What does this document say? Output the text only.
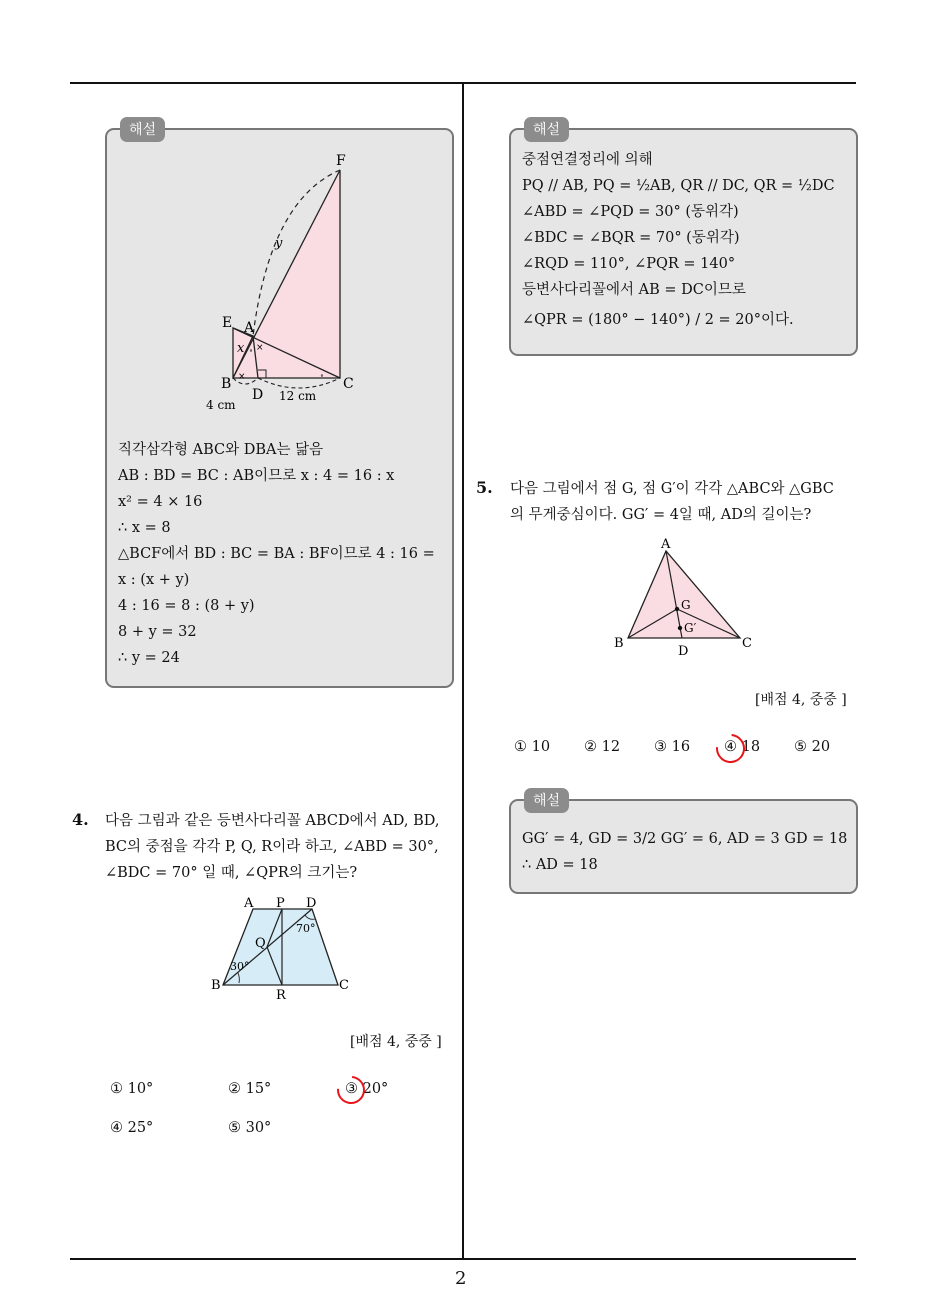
2
해설
F
E A
B	C
D
x
y
4 cm
12 cm
×
×	∘
∘
직각삼각형 ABC와 DBA는 닮음
AB : BD = BC : AB이므로 x : 4 = 16 : x
x² = 4 × 16
∴ x = 8
△BCF에서 BD : BC = BA : BF이므로 4 : 16 =
x : (x + y)
4 : 16 = 8 : (8 + y)
8 + y = 32
∴ y = 24
4. 다음 그림과 같은 등변사다리꼴 ABCD에서 AD, BD,
BC의 중점을 각각 P, Q, R이라 하고, ∠ABD = 30°,
∠BDC = 70° 일 때, ∠QPR의 크기는?
A P D
Q
B
R
C
30°
70°
[배점 4, 중중 ]
① 10°	② 15°	③ 20°
④ 25°	⑤ 30°
해설
중점연결정리에 의해
PQ // AB, PQ = ½AB, QR // DC, QR = ½DC
∠ABD = ∠PQD = 30° (동위각)
∠BDC = ∠BQR = 70° (동위각)
∠RQD = 110°, ∠PQR = 140°
등변사다리꼴에서 AB = DC이므로
∠QPR = (180° − 140°) / 2 = 20°이다.
5. 다음 그림에서 점 G, 점 G′이 각각 △ABC와 △GBC
의 무게중심이다. GG′ = 4일 때, AD의 길이는?
A
G
G′
B	C
D
[배점 4, 중중 ]
① 10 ② 12 ③ 16 ④ 18 ⑤ 20
해설
GG′ = 4, GD = 3/2 GG′ = 6, AD = 3 GD = 18
∴ AD = 18
